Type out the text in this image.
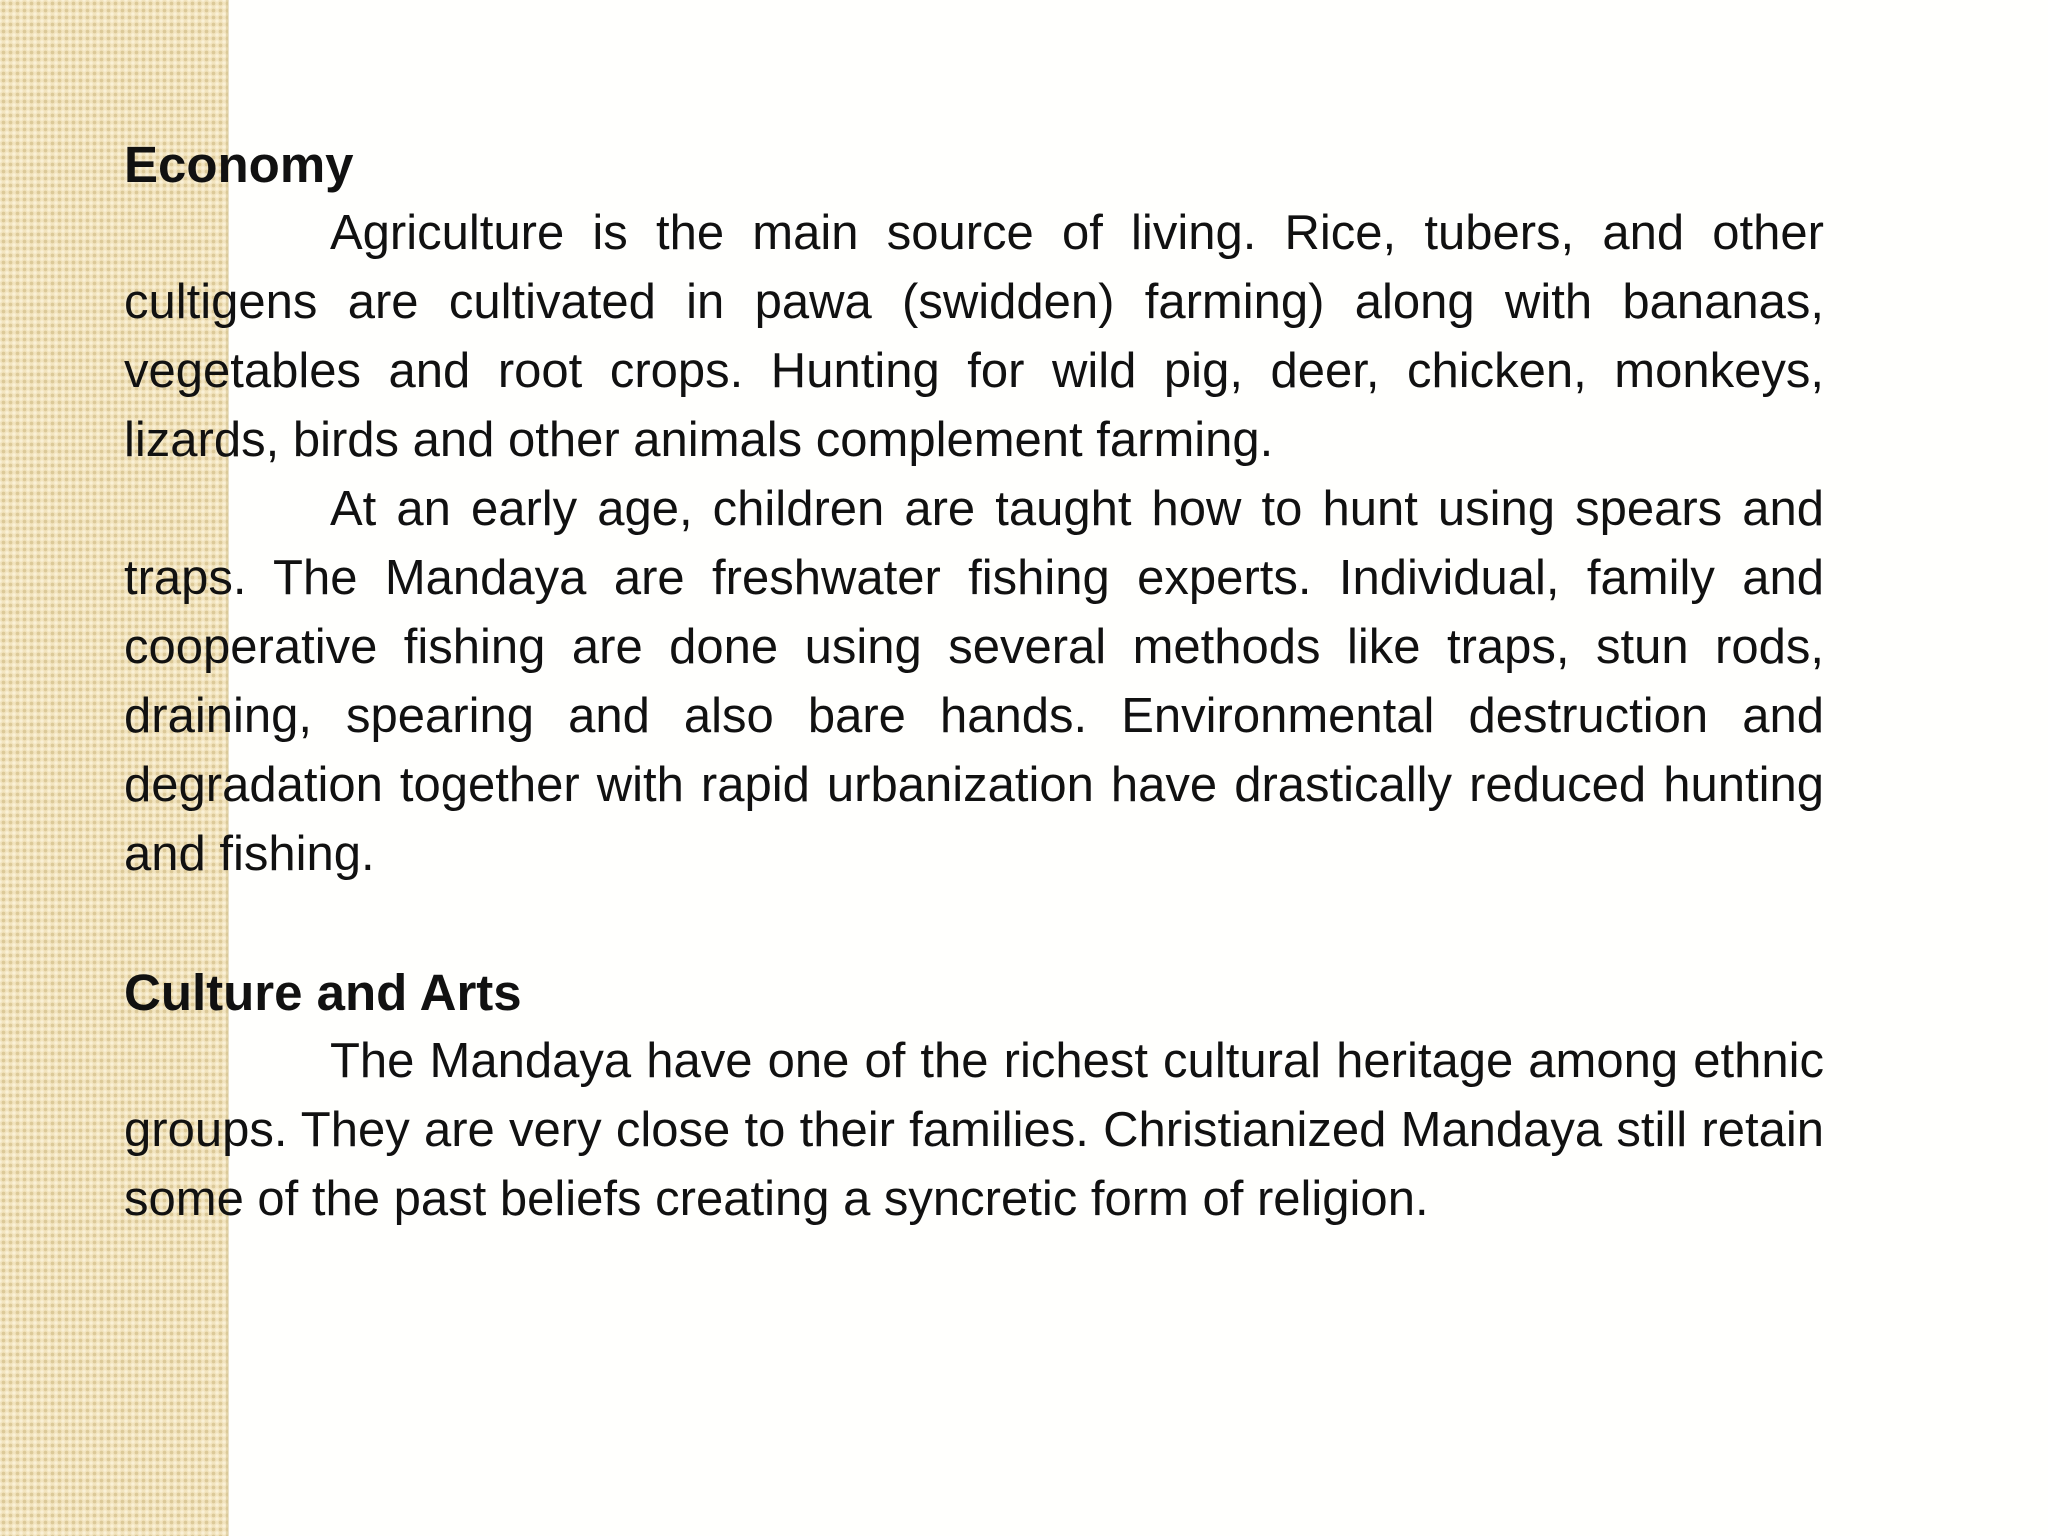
Economy

Agriculture is the main source of living. Rice, tubers, and other cultigens are cultivated in pawa (swidden) farming) along with bananas, vegetables and root crops. Hunting for wild pig, deer, chicken, monkeys, lizards, birds and other animals complement farming.

At an early age, children are taught how to hunt using spears and traps. The Mandaya are freshwater fishing experts. Individual, family and cooperative fishing are done using several methods like traps, stun rods, draining, spearing and also bare hands. Environmental destruction and degradation together with rapid urbanization have drastically reduced hunting and fishing.

Culture and Arts

The Mandaya have one of the richest cultural heritage among ethnic groups. They are very close to their families. Christianized Mandaya still retain some of the past beliefs creating a syncretic form of religion.
